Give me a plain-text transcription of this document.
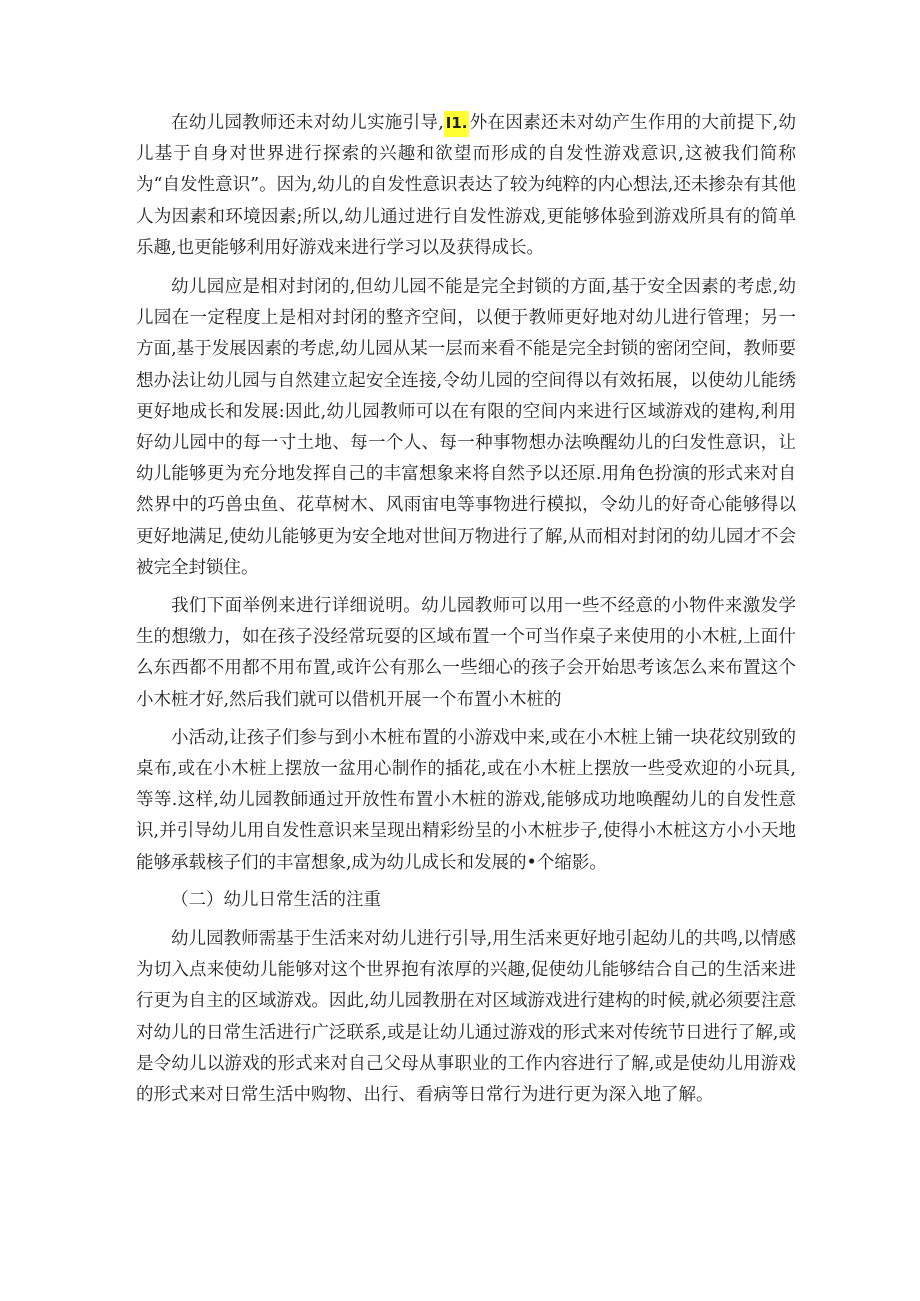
在幼儿园教师还未对幼儿实施引导, I1. 外在因素还未对幼产生作用的大前提下,幼儿基于自身对世界进行探索的兴趣和欲望而形成的自发性游戏意识,这被我们简称为“自发性意识”。因为,幼儿的自发性意识表达了较为纯粹的内心想法,还未掺杂有其他人为因素和环境因素;所以,幼儿通过进行自发性游戏,更能够体验到游戏所具有的简单乐趣,也更能够利用好游戏来进行学习以及获得成长。

幼儿园应是相对封闭的,但幼儿园不能是完全封锁的方面,基于安全因素的考虑,幼儿园在一定程度上是相对封闭的整齐空间，以便于教师更好地对幼儿进行管理；另一方面,基于发展因素的考虑,幼儿园从某一层而来看不能是完全封锁的密闭空间，教师要想办法让幼儿园与自然建立起安全连接,令幼儿园的空间得以有效拓展，以使幼儿能绣更好地成长和发展:因此,幼儿园教师可以在有限的空间内来进行区域游戏的建构,利用好幼儿园中的每一寸土地、每一个人、每一种事物想办法唤醒幼儿的臼发性意识，让幼儿能够更为充分地发挥自己的丰富想象来将自然予以还原.用角色扮演的形式来对自然界中的巧兽虫鱼、花草树木、风雨宙电等事物进行模拟，令幼儿的好奇心能够得以更好地满足,使幼儿能够更为安全地对世间万物进行了解,从而相对封闭的幼儿园才不会被完全封锁住。

我们下面举例来进行详细说明。幼儿园教师可以用一些不经意的小物件来激发学生的想缴力，如在孩子没经常玩耍的区域布置一个可当作桌子来使用的小木桩,上面什么东西都不用都不用布置,或许公有那么一些细心的孩子会开始思考该怎么来布置这个小木桩才好,然后我们就可以借机开展一个布置小木桩的

小活动,让孩子们参与到小木桩布置的小游戏中来,或在小木桩上铺一块花纹别致的桌布,或在小木桩上摆放一盆用心制作的插花,或在小木桩上摆放一些受欢迎的小玩具,等等.这样,幼儿园教師通过开放性布置小木桩的游戏,能够成功地唤醒幼儿的自发性意识,并引导幼儿用自发性意识来呈现出精彩纷呈的小木桩步子,使得小木桩这方小小天地能够承载核子们的丰富想象,成为幼儿成长和发展的•个缩影。

（二）幼儿日常生活的注重

幼儿园教师需基于生活来对幼儿进行引导,用生活来更好地引起幼儿的共鸣,以情感为切入点来使幼儿能够对这个世界抱有浓厚的兴趣,促使幼儿能够结合自己的生活来进行更为自主的区域游戏。因此,幼儿园教册在对区域游戏进行建构的时候,就必须要注意对幼儿的日常生活进行广泛联系,或是让幼儿通过游戏的形式来对传统节日进行了解,或是令幼儿以游戏的形式来对自己父母从事职业的工作内容进行了解,或是使幼儿用游戏的形式来对日常生活中购物、出行、看病等日常行为进行更为深入地了解。
